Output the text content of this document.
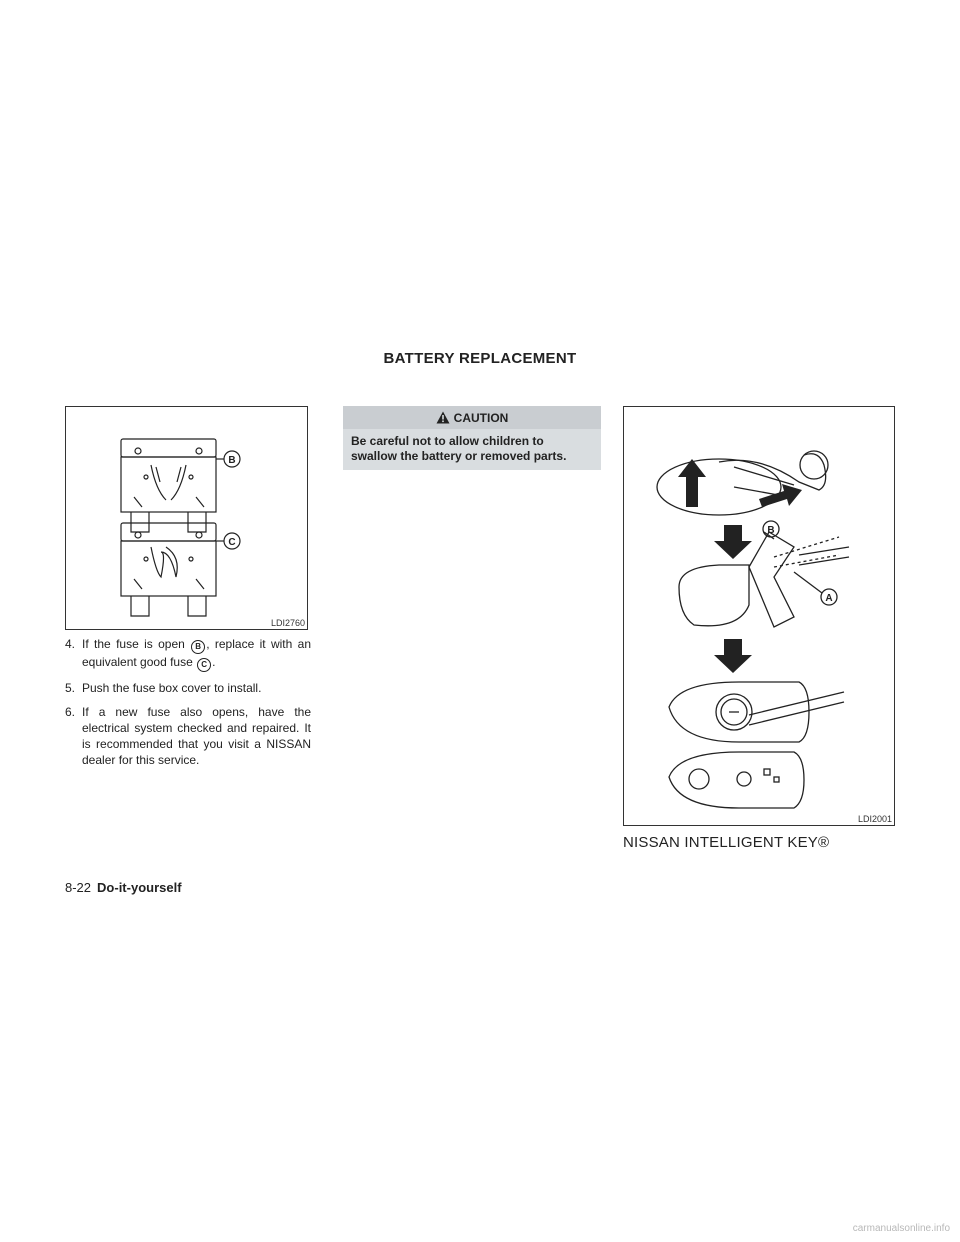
BATTERY REPLACEMENT
B
C
LDI2760
4. If the fuse is open B , replace it with an equivalent good fuse C .
5. Push the fuse box cover to install.
6. If a new fuse also opens, have the electrical system checked and repaired. It is recommended that you visit a NISSAN dealer for this service.
CAUTION
Be careful not to allow children to swallow the battery or removed parts.
A
B
LDI2001
NISSAN INTELLIGENT KEY®
8-22 Do-it-yourself
carmanualsonline.info
